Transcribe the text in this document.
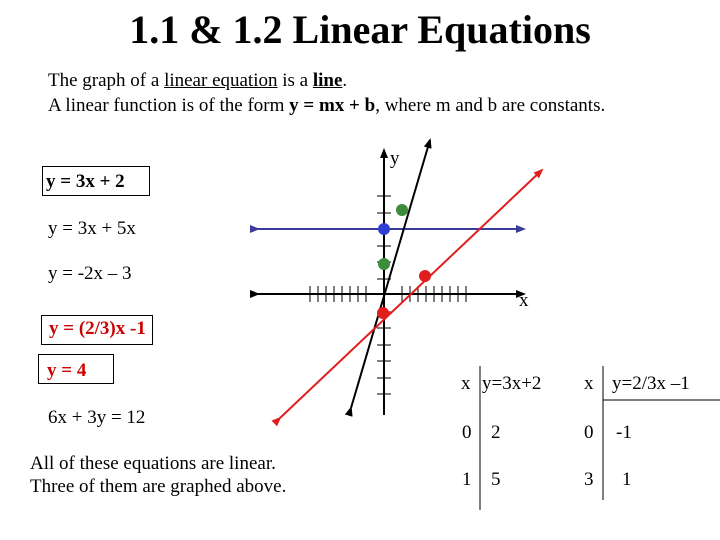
1.1 & 1.2 Linear Equations
The graph of a linear equation is a line.
A linear function is of the form y = mx + b, where m and b are constants.
y = 3x + 2
y = 3x + 5x
y = -2x – 3
y = (2/3)x -1
y = 4
6x + 3y = 12
All of these equations are linear.
Three of them are graphed above.
y
x
x y=3x+2
0 2
1 5
x y=2/3x –1
0 -1
3 1
